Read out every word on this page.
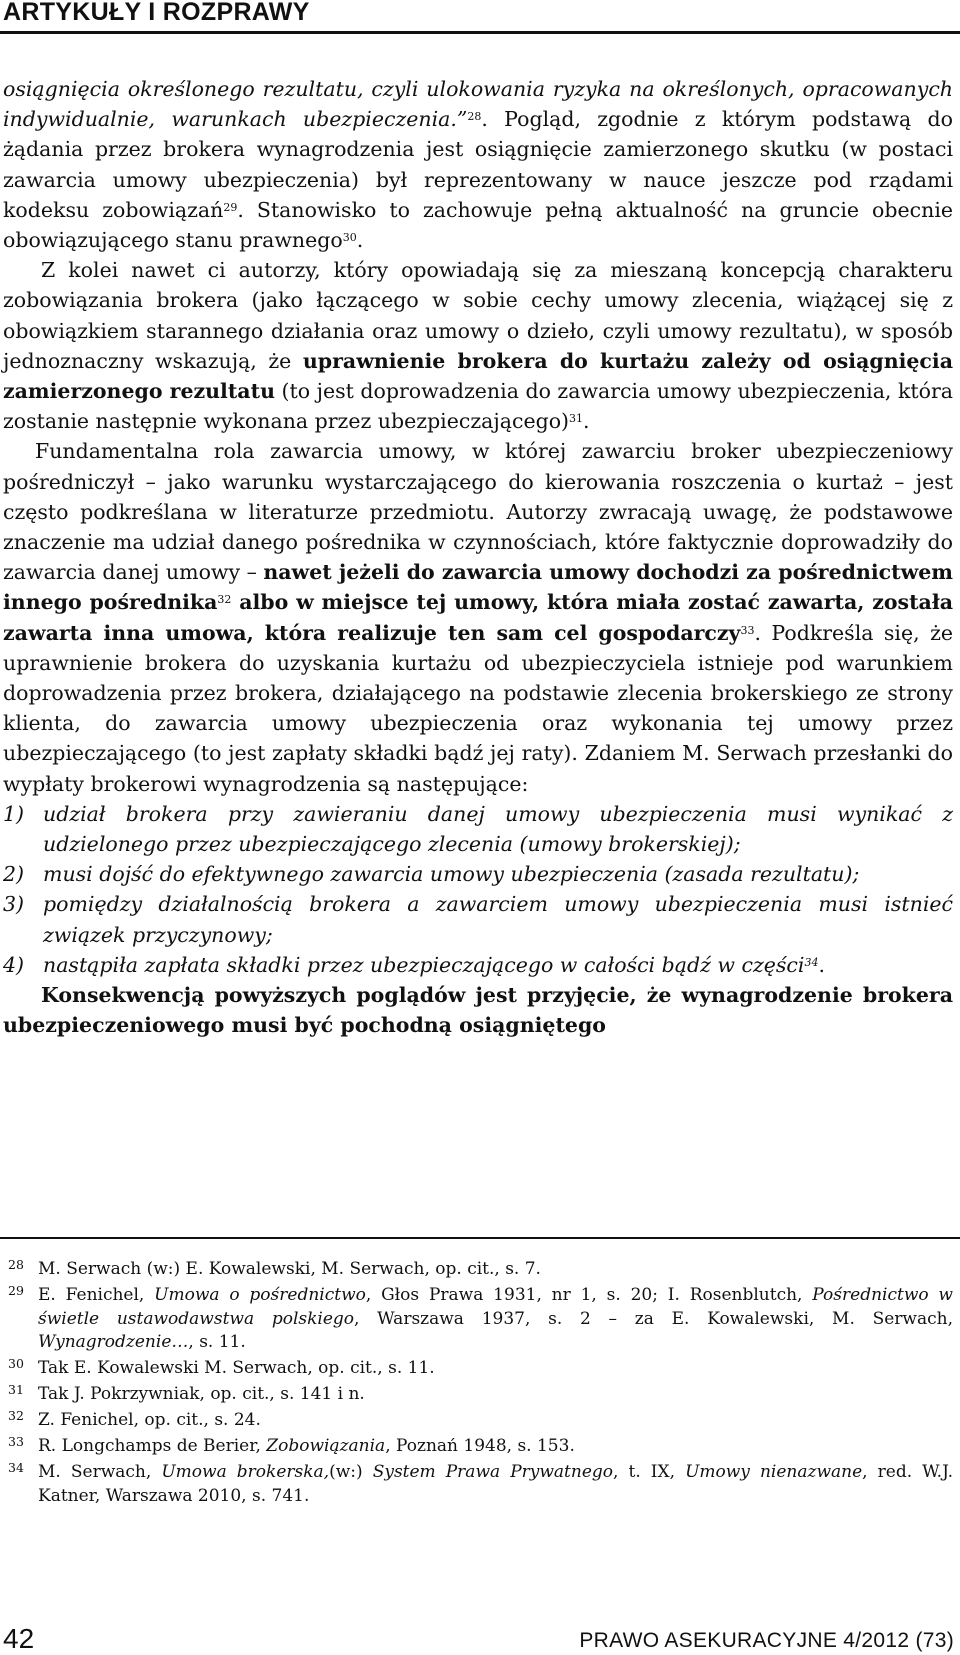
ARTYKUŁY I ROZPRAWY

osiągnięcia określonego rezultatu, czyli ulokowania ryzyka na określonych, opracowanych indywidualnie, warunkach ubezpieczenia.”$^{28}$. Pogląd, zgodnie z którym podstawą do żądania przez brokera wynagrodzenia jest osiągnięcie zamierzonego skutku (w postaci zawarcia umowy ubezpieczenia) był reprezentowany w nauce jeszcze pod rządami kodeksu zobowiązań$^{29}$. Stanowisko to zachowuje pełną aktualność na gruncie obecnie obowiązującego stanu prawnego$^{30}$.

Z kolei nawet ci autorzy, który opowiadają się za mieszaną koncepcją charakteru zobowiązania brokera (jako łączącego w sobie cechy umowy zlecenia, wiążącej się z obowiązkiem starannego działania oraz umowy o dzieło, czyli umowy rezultatu), w sposób jednoznaczny wskazują, że uprawnienie brokera do kurtażu zależy od osiągnięcia zamierzonego rezultatu (to jest doprowadzenia do zawarcia umowy ubezpieczenia, która zostanie następnie wykonana przez ubezpieczającego)$^{31}$.

Fundamentalna rola zawarcia umowy, w której zawarciu broker ubezpieczeniowy pośredniczył – jako warunku wystarczającego do kierowania roszczenia o kurtaż – jest często podkreślana w literaturze przedmiotu. Autorzy zwracają uwagę, że podstawowe znaczenie ma udział danego pośrednika w czynnościach, które faktycznie doprowadziły do zawarcia danej umowy – nawet jeżeli do zawarcia umowy dochodzi za pośrednictwem innego pośrednika$^{32}$ albo w miejsce tej umowy, która miała zostać zawarta, została zawarta inna umowa, która realizuje ten sam cel gospodarczy$^{33}$. Podkreśla się, że uprawnienie brokera do uzyskania kurtażu od ubezpieczyciela istnieje pod warunkiem doprowadzenia przez brokera, działającego na podstawie zlecenia brokerskiego ze strony klienta, do zawarcia umowy ubezpieczenia oraz wykonania tej umowy przez ubezpieczającego (to jest zapłaty składki bądź jej raty). Zdaniem M. Serwach przesłanki do wypłaty brokerowi wynagrodzenia są następujące:

1) udział brokera przy zawieraniu danej umowy ubezpieczenia musi wynikać z udzielonego przez ubezpieczającego zlecenia (umowy brokerskiej);
2) musi dojść do efektywnego zawarcia umowy ubezpieczenia (zasada rezultatu);
3) pomiędzy działalnością brokera a zawarciem umowy ubezpieczenia musi istnieć związek przyczynowy;
4) nastąpiła zapłata składki przez ubezpieczającego w całości bądź w części$^{34}$.

Konsekwencją powyższych poglądów jest przyjęcie, że wynagrodzenie brokera ubezpieczeniowego musi być pochodną osiągniętego

28 M. Serwach (w:) E. Kowalewski, M. Serwach, op. cit., s. 7.
29 E. Fenichel, Umowa o pośrednictwo, Głos Prawa 1931, nr 1, s. 20; I. Rosenblutch, Pośrednictwo w świetle ustawodawstwa polskiego, Warszawa 1937, s. 2 – za E. Kowalewski, M. Serwach, Wynagrodzenie…, s. 11.
30 Tak E. Kowalewski M. Serwach, op. cit., s. 11.
31 Tak J. Pokrzywniak, op. cit., s. 141 i n.
32 Z. Fenichel, op. cit., s. 24.
33 R. Longchamps de Berier, Zobowiązania, Poznań 1948, s. 153.
34 M. Serwach, Umowa brokerska,(w:) System Prawa Prywatnego, t. IX, Umowy nienazwane, red. W.J. Katner, Warszawa 2010, s. 741.
42	PRAWO ASEKURACYJNE 4/2012 (73)
